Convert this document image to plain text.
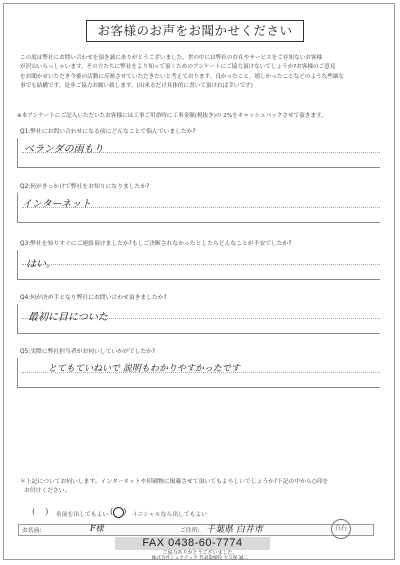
お客様のお声をお聞かせください

この度は弊社にお問い合わせを頂き誠にありがとうございました。世の中には弊社の存在やサービスをご存知ないお客様

が沢山いらっしゃいます。その方たちに弊社をより知って頂くためのアンケートにご協力頂けないでしょうか?お客様のご意見

をお聞かせいただき今後の活動に反映させていただきたいと考えております。良かったこと、嬉しかったことなどのような些細な

事でも結構です。是非ご協力お願い致します。(出来るだけ具体的に書いて頂ければ幸いです)

※本アンケートにご記入いただいたお客様には工事ご用命時に工事金額(税抜き)の 2%をキャッシュバックさせて頂きます。
Q1:弊社にお問い合わせになる前にどんなことで悩んでいましたか?
ベランダの雨もり
Q2:何がきっかけで弊社をお知りになりましたか?
インターネット
Q3:弊社を知りすぐにご連絡頂けましたか?もしご決断されなかったとしたらどんなことが不安でしたか?
はい。
Q4:何が決め手となり弊社にお問い合わせ頂きましたか?
最初に目についた
Q5:実際に弊社担当者がお伺いしていかがでしたか?
とてもていねいで 説明もわかりやすかったです
＊上記についてお伺いします。インターネットや印刷物に掲載させて頂いてもよろしいでしょうか?下記の中から○印を
お付けください。
(    ) 名前を出してもよい (    ) イニシャルなら出してもよい
お名前:	F様	ご住所: 千葉県 白井市	白石
FAX 0438-60-7774
ご協力ありがとうございました。
株式会社シェアテック 代表取締役 大久保 誠二
